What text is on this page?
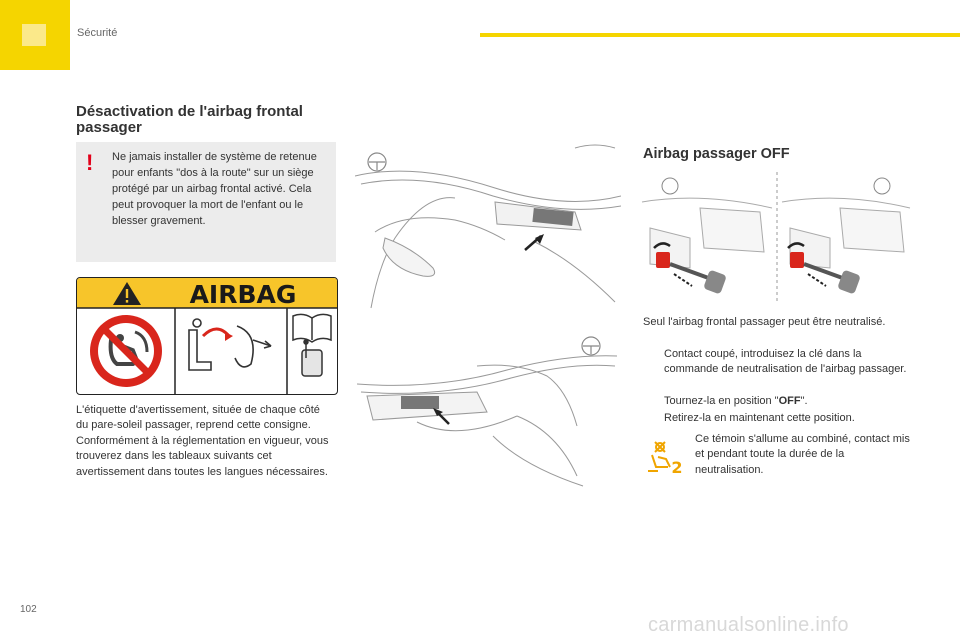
Sécurité
Désactivation de l'airbag frontal passager
! Ne jamais installer de système de retenue pour enfants "dos à la route" sur un siège protégé par un airbag frontal activé. Cela peut provoquer la mort de l'enfant ou le blesser gravement.
AIRBAG
L'étiquette d'avertissement, située de chaque côté du pare-soleil passager, reprend cette consigne. Conformément à la réglementation en vigueur, vous trouverez dans les tableaux suivants cet avertissement dans toutes les langues nécessaires.
Airbag passager OFF
Seul l'airbag frontal passager peut être neutralisé.
Contact coupé, introduisez la clé dans la commande de neutralisation de l'airbag passager.
Tournez-la en position "OFF".
Retirez-la en maintenant cette position.
2
Ce témoin s'allume au combiné, contact mis et pendant toute la durée de la neutralisation.
102
carmanualsonline.info
